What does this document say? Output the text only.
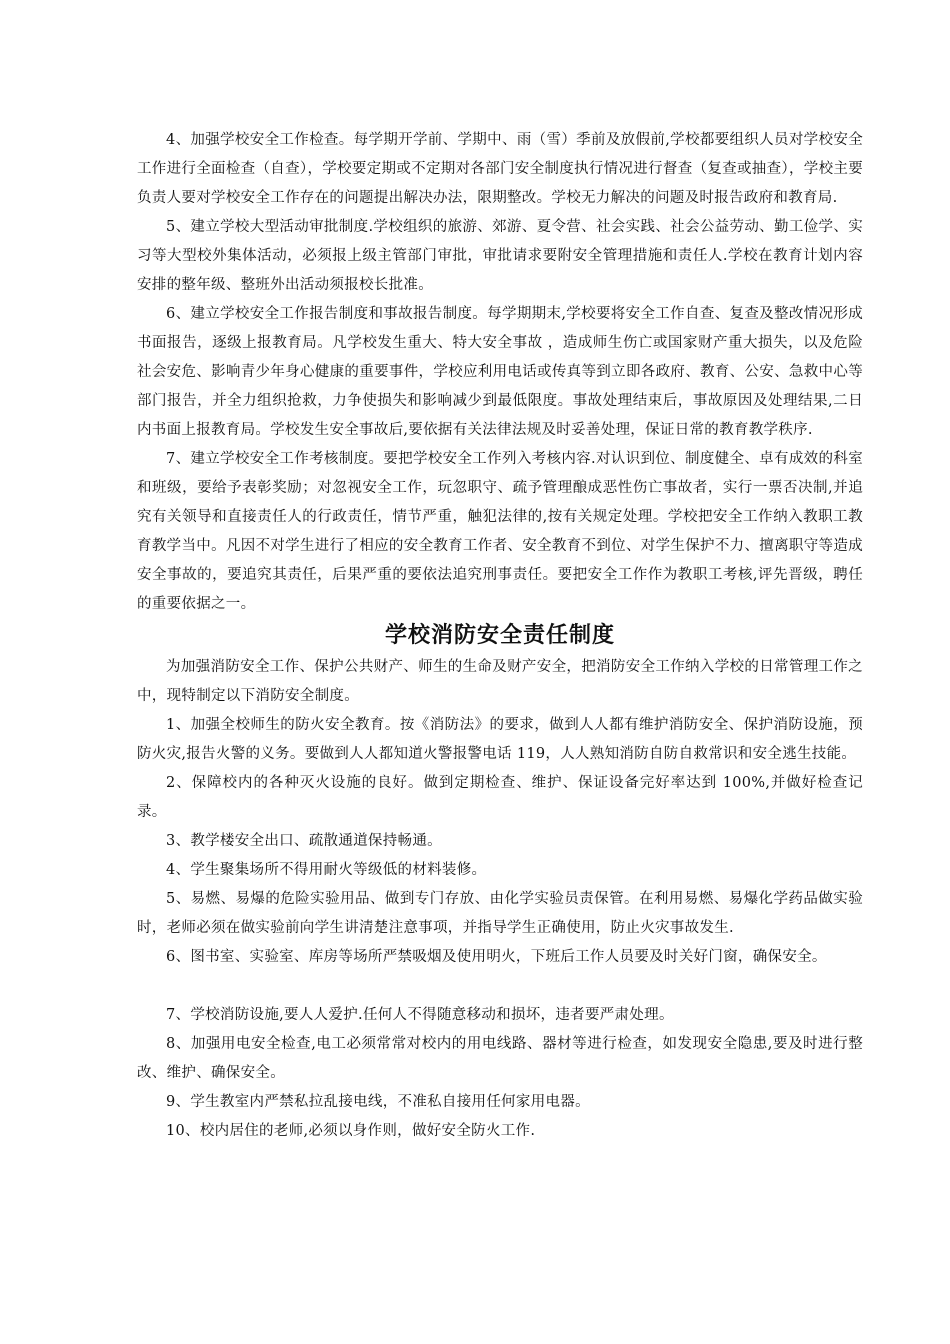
4、加强学校安全工作检查。每学期开学前、学期中、雨（雪）季前及放假前,学校都要组织人员对学校安全工作进行全面检查（自查），学校要定期或不定期对各部门安全制度执行情况进行督查（复查或抽查），学校主要负责人要对学校安全工作存在的问题提出解决办法，限期整改。学校无力解决的问题及时报告政府和教育局.

5、建立学校大型活动审批制度.学校组织的旅游、郊游、夏令营、社会实践、社会公益劳动、勤工俭学、实习等大型校外集体活动，必须报上级主管部门审批，审批请求要附安全管理措施和责任人.学校在教育计划内容安排的整年级、整班外出活动须报校长批准。

6、建立学校安全工作报告制度和事故报告制度。每学期期末,学校要将安全工作自查、复查及整改情况形成书面报告，逐级上报教育局。凡学校发生重大、特大安全事故 ，造成师生伤亡或国家财产重大损失，以及危险社会安危、影响青少年身心健康的重要事件，学校应利用电话或传真等到立即各政府、教育、公安、急救中心等部门报告，并全力组织抢救，力争使损失和影响减少到最低限度。事故处理结束后，事故原因及处理结果,二日内书面上报教育局。学校发生安全事故后,要依据有关法律法规及时妥善处理，保证日常的教育教学秩序.

7、建立学校安全工作考核制度。要把学校安全工作列入考核内容.对认识到位、制度健全、卓有成效的科室和班级，要给予表彰奖励；对忽视安全工作，玩忽职守、疏予管理酿成恶性伤亡事故者，实行一票否决制,并追究有关领导和直接责任人的行政责任，情节严重，触犯法律的,按有关规定处理。学校把安全工作纳入教职工教育教学当中。凡因不对学生进行了相应的安全教育工作者、安全教育不到位、对学生保护不力、擅离职守等造成安全事故的，要追究其责任，后果严重的要依法追究刑事责任。要把安全工作作为教职工考核,评先晋级，聘任的重要依据之一。

学校消防安全责任制度

为加强消防安全工作、保护公共财产、师生的生命及财产安全，把消防安全工作纳入学校的日常管理工作之中，现特制定以下消防安全制度。

1、加强全校师生的防火安全教育。按《消防法》的要求，做到人人都有维护消防安全、保护消防设施，预防火灾,报告火警的义务。要做到人人都知道火警报警电话 119，人人熟知消防自防自救常识和安全逃生技能。

2、保障校内的各种灭火设施的良好。做到定期检查、维护、保证设备完好率达到 100%,并做好检查记录。

3、教学楼安全出口、疏散通道保持畅通。

4、学生聚集场所不得用耐火等级低的材料装修。

5、易燃、易爆的危险实验用品、做到专门存放、由化学实验员责保管。在利用易燃、易爆化学药品做实验时，老师必须在做实验前向学生讲清楚注意事项，并指导学生正确使用，防止火灾事故发生.

6、图书室、实验室、库房等场所严禁吸烟及使用明火，下班后工作人员要及时关好门窗，确保安全。

7、学校消防设施,要人人爱护.任何人不得随意移动和损坏，违者要严肃处理。

8、加强用电安全检查,电工必须常常对校内的用电线路、器材等进行检查，如发现安全隐患,要及时进行整改、维护、确保安全。

9、学生教室内严禁私拉乱接电线，不准私自接用任何家用电器。

10、校内居住的老师,必须以身作则，做好安全防火工作.
